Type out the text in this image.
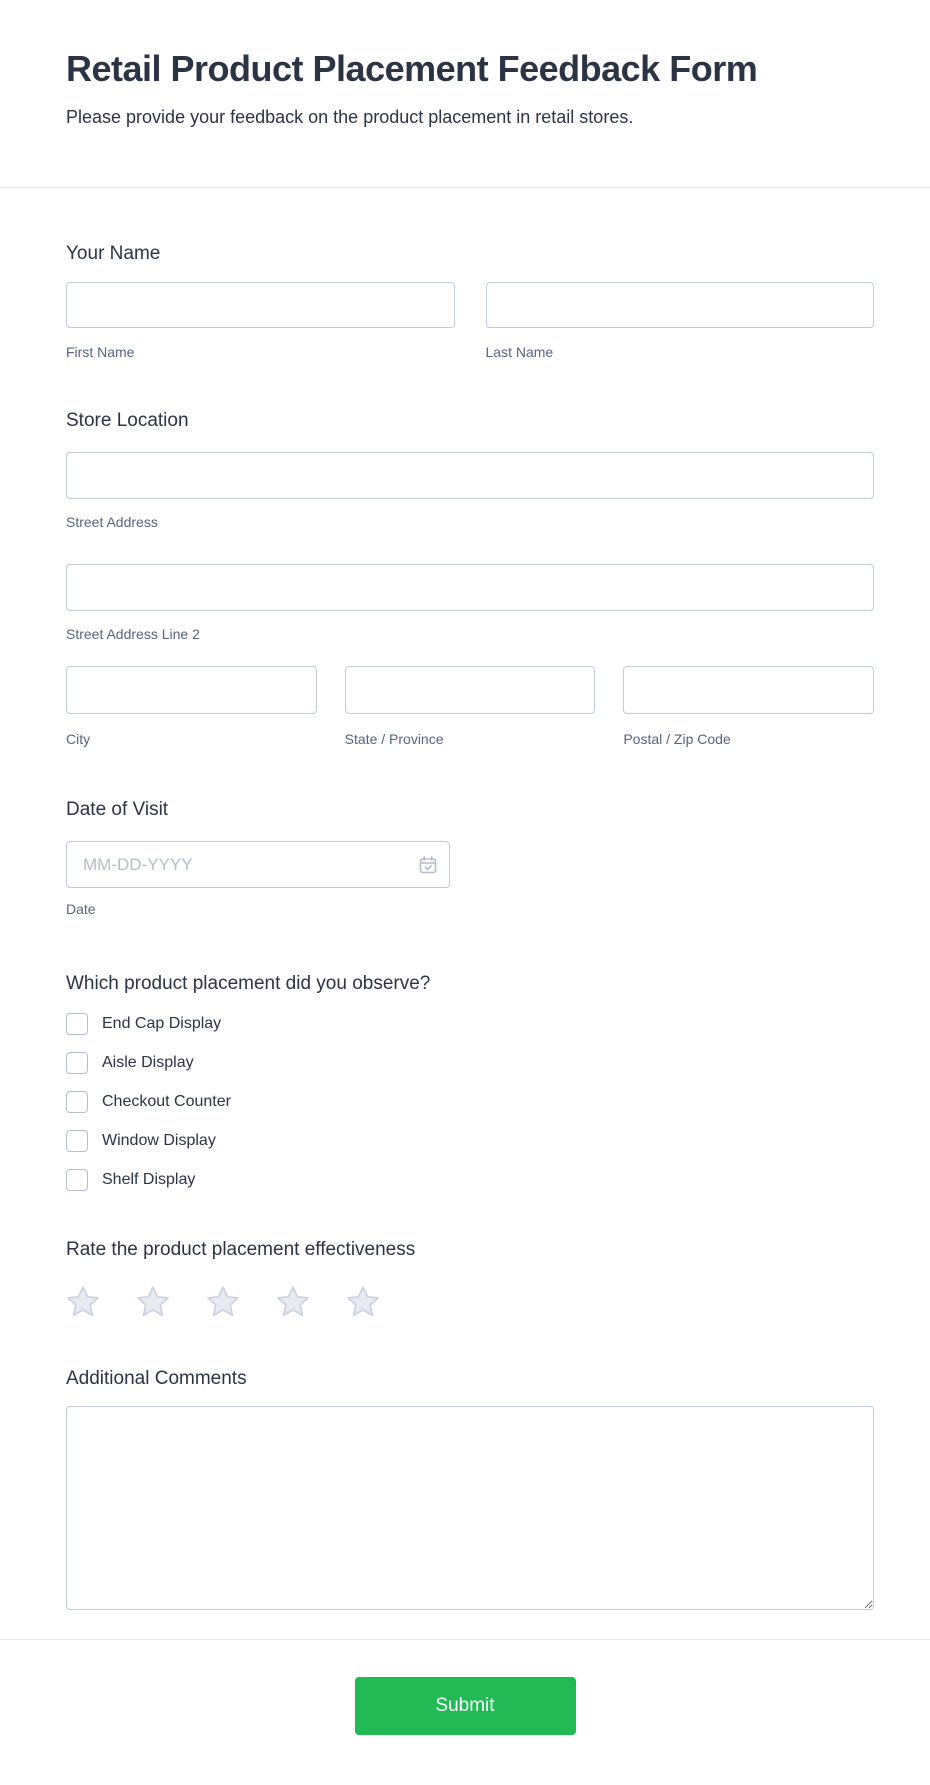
Retail Product Placement Feedback Form
Please provide your feedback on the product placement in retail stores.
Your Name
First Name	Last Name
Store Location
Street Address
Street Address Line 2
City	State / Province	Postal / Zip Code
Date of Visit
MM-DD-YYYY
Date
Which product placement did you observe?
End Cap Display
Aisle Display
Checkout Counter
Window Display
Shelf Display
Rate the product placement effectiveness
Additional Comments
Submit
